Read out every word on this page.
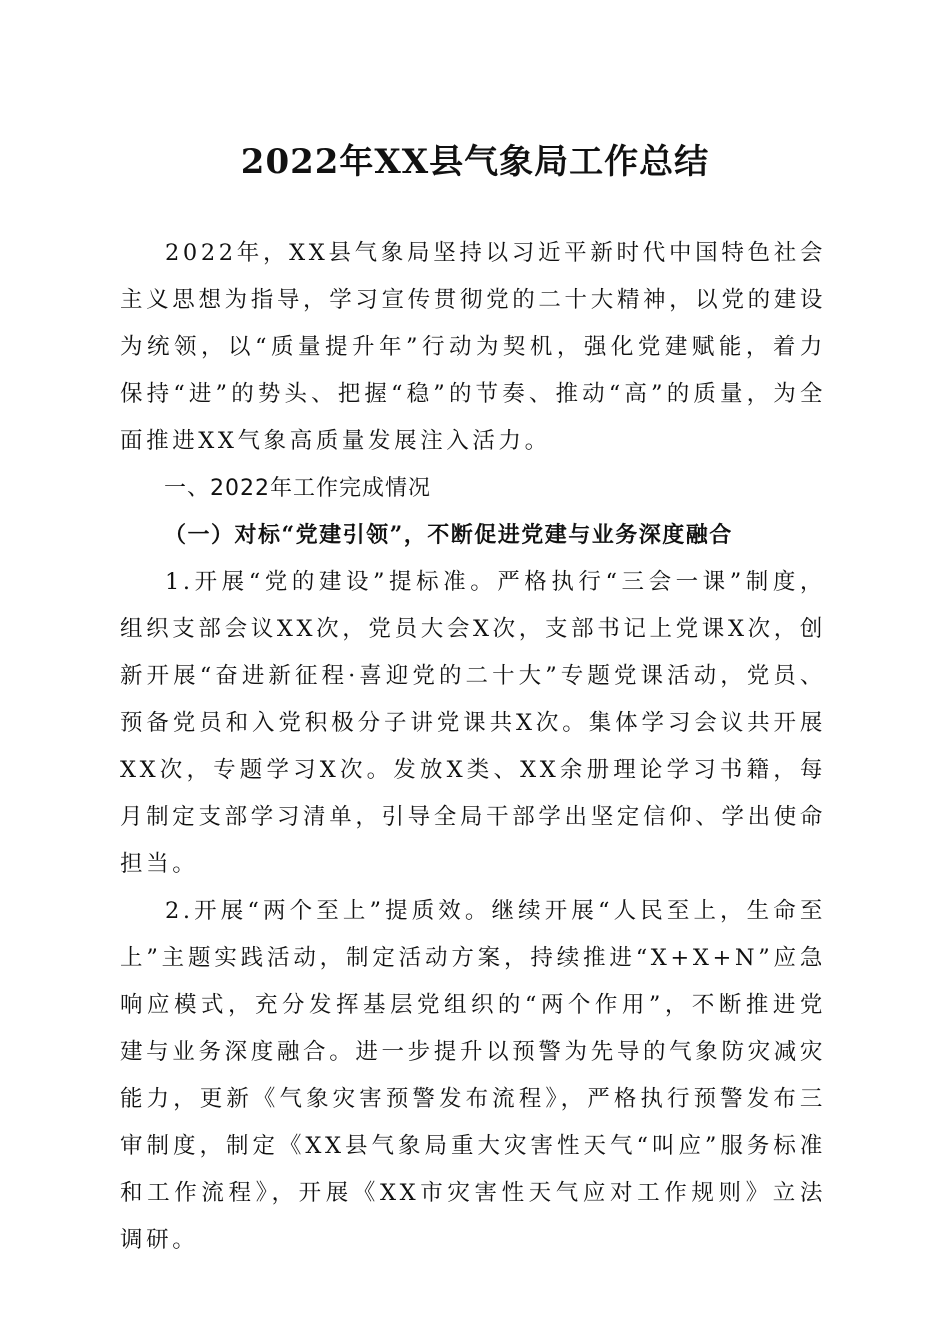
2022年XX县气象局工作总结

2022年，XX县气象局坚持以习近平新时代中国特色社会主义思想为指导，学习宣传贯彻党的二十大精神，以党的建设为统领，以“质量提升年”行动为契机，强化党建赋能，着力保持“进”的势头、把握“稳”的节奏、推动“高”的质量，为全面推进XX气象高质量发展注入活力。

一、2022年工作完成情况

（一）对标“党建引领”，不断促进党建与业务深度融合

1.开展“党的建设”提标准。严格执行“三会一课”制度，组织支部会议XX次，党员大会X次，支部书记上党课X次，创新开展“奋进新征程·喜迎党的二十大”专题党课活动，党员、预备党员和入党积极分子讲党课共X次。集体学习会议共开展XX次，专题学习X次。发放X类、XX余册理论学习书籍，每月制定支部学习清单，引导全局干部学出坚定信仰、学出使命担当。

2.开展“两个至上”提质效。继续开展“人民至上，生命至上”主题实践活动，制定活动方案，持续推进“X+X+N”应急响应模式，充分发挥基层党组织的“两个作用”，不断推进党建与业务深度融合。进一步提升以预警为先导的气象防灾减灾能力，更新《气象灾害预警发布流程》，严格执行预警发布三审制度，制定《XX县气象局重大灾害性天气“叫应”服务标准和工作流程》，开展《XX市灾害性天气应对工作规则》立法调研。
